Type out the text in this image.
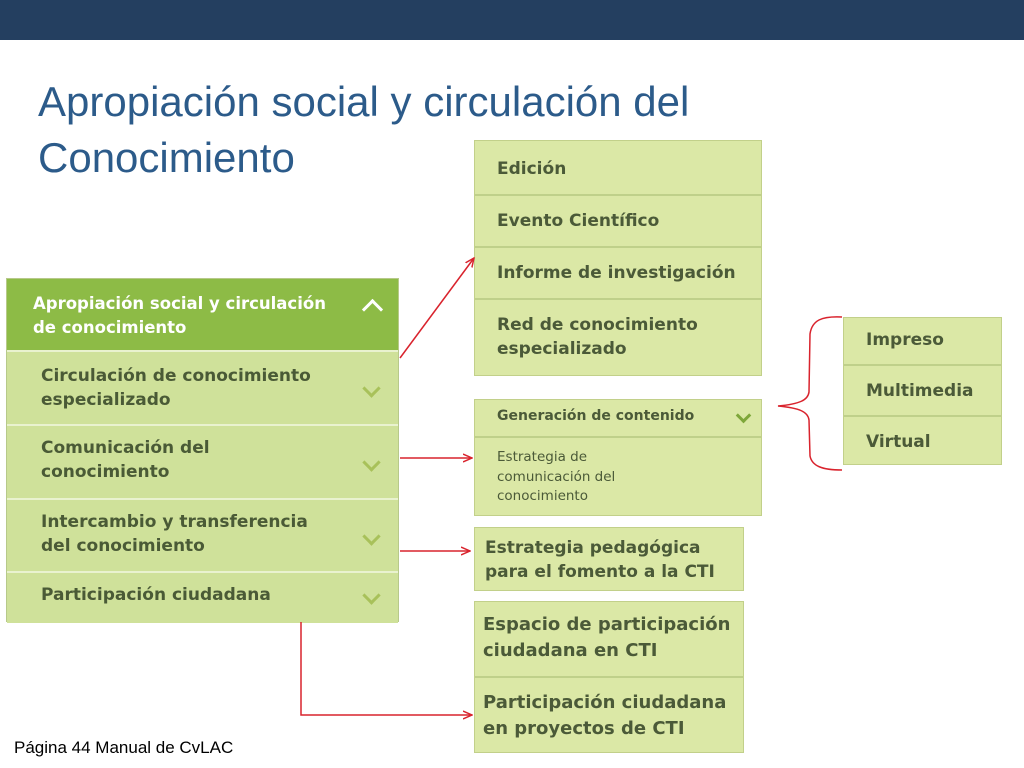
Apropiación social y circulación del Conocimiento
Apropiación social y circulación de conocimiento
Circulación de conocimiento especializado
Comunicación del conocimiento
Intercambio y transferencia del conocimiento
Participación ciudadana
Edición
Evento Científico
Informe de investigación
Red de conocimiento especializado
Generación de contenido
Estrategia de comunicación del conocimiento
Impreso
Multimedia
Virtual
Estrategia pedagógica para el fomento a la CTI
Espacio de participación ciudadana en CTI
Participación ciudadana en proyectos de CTI
Página 44 Manual de CvLAC
